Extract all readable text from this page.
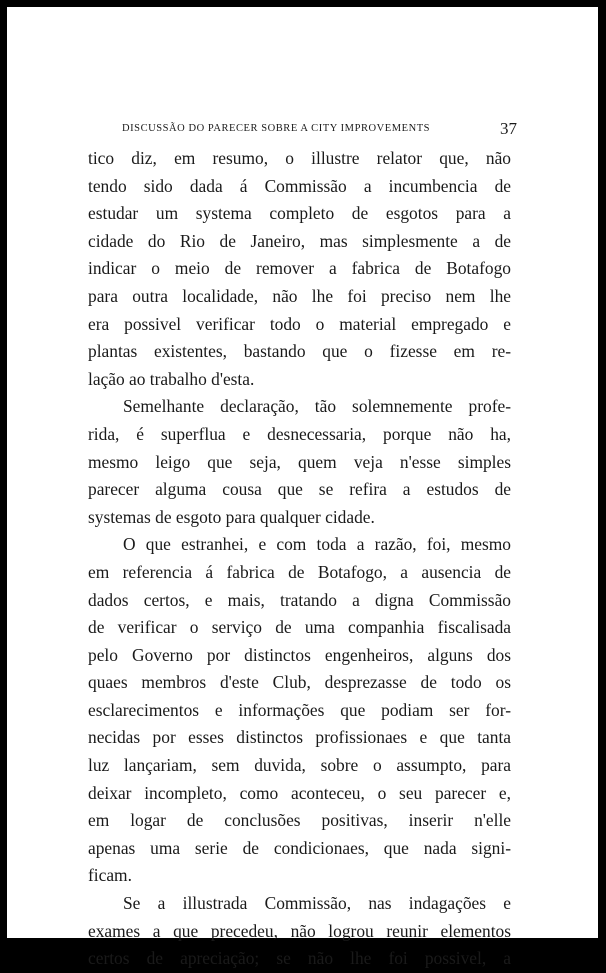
DISCUSSÃO DO PARECER SOBRE A CITY IMPROVEMENTS	37
tico diz, em resumo, o illustre relator que, não
tendo sido dada á Commissão a incumbencia de
estudar um systema completo de esgotos para a
cidade do Rio de Janeiro, mas simplesmente a de
indicar o meio de remover a fabrica de Botafogo
para outra localidade, não lhe foi preciso nem lhe
era possivel verificar todo o material empregado e
plantas existentes, bastando que o fizesse em re-
lação ao trabalho d'esta.
Semelhante declaração, tão solemnemente profe-
rida, é superflua e desnecessaria, porque não ha,
mesmo leigo que seja, quem veja n'esse simples
parecer alguma cousa que se refira a estudos de
systemas de esgoto para qualquer cidade.
O que estranhei, e com toda a razão, foi, mesmo
em referencia á fabrica de Botafogo, a ausencia de
dados certos, e mais, tratando a digna Commissão
de verificar o serviço de uma companhia fiscalisada
pelo Governo por distinctos engenheiros, alguns dos
quaes membros d'este Club, desprezasse de todo os
esclarecimentos e informações que podiam ser for-
necidas por esses distinctos profissionaes e que tanta
luz lançariam, sem duvida, sobre o assumpto, para
deixar incompleto, como aconteceu, o seu parecer e,
em logar de conclusões positivas, inserir n'elle
apenas uma serie de condicionaes, que nada signi-
ficam.
Se a illustrada Commissão, nas indagações e
exames a que precedeu, não logrou reunir elementos
certos de apreciação; se não lhe foi possivel, a
